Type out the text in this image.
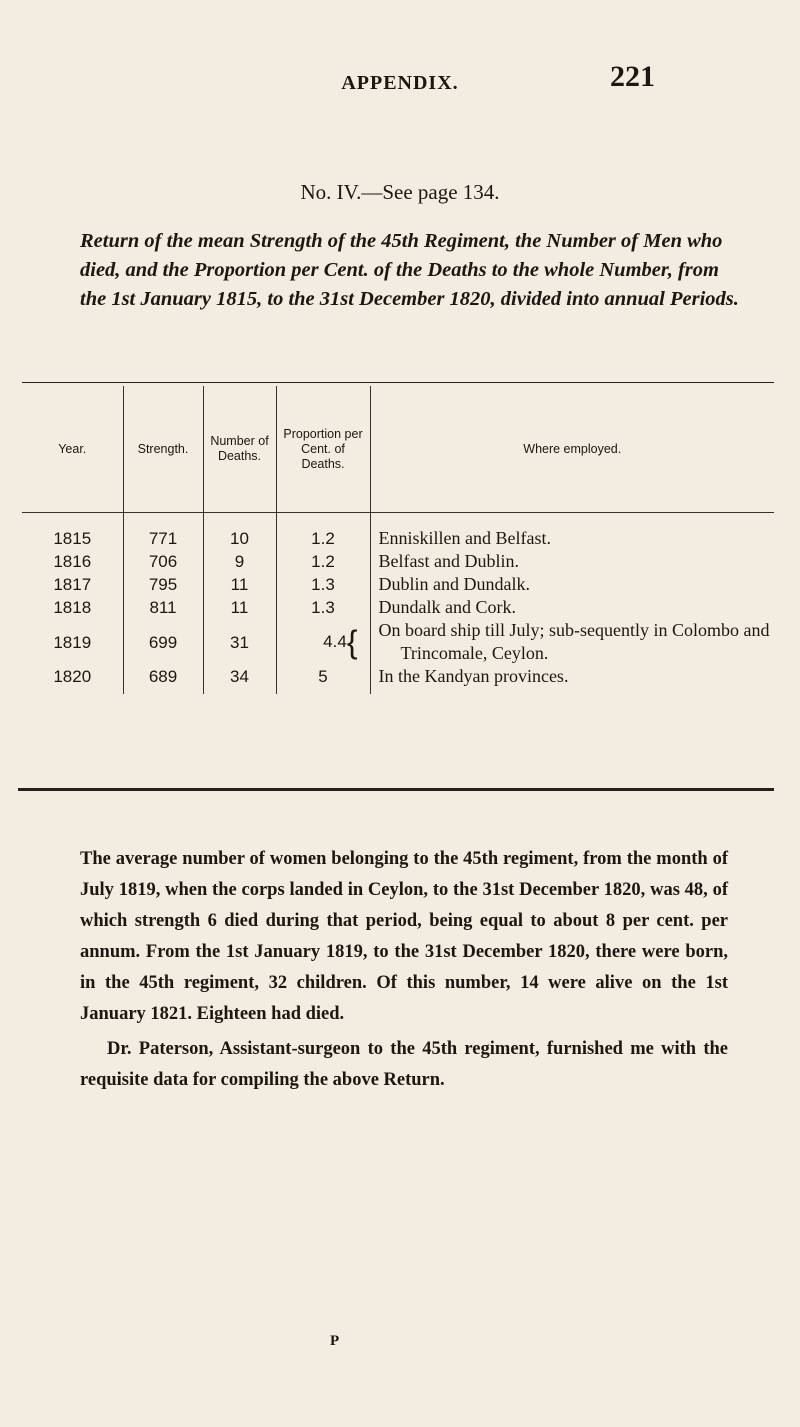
APPENDIX.	221
No. IV.—See page 134.
Return of the mean Strength of the 45th Regiment, the Number of Men who died, and the Proportion per Cent. of the Deaths to the whole Number, from the 1st January 1815, to the 31st December 1820, divided into annual Periods.
Year.	Strength.	Number of Deaths.	Proportion per Cent. of Deaths.	Where employed.
1815	771	10	1.2	Enniskillen and Belfast.
1816	706	9	1.2	Belfast and Dublin.
1817	795	11	1.3	Dublin and Dundalk.
1818	811	11	1.3	Dundalk and Cork.
1819	699	31	4.4{	On board ship till July; sub-sequently in Colombo and Trincomale, Ceylon.
1820	689	34	5	In the Kandyan provinces.
The average number of women belonging to the 45th regiment, from the month of July 1819, when the corps landed in Ceylon, to the 31st December 1820, was 48, of which strength 6 died during that period, being equal to about 8 per cent. per annum. From the 1st January 1819, to the 31st December 1820, there were born, in the 45th regiment, 32 children. Of this number, 14 were alive on the 1st January 1821. Eighteen had died.
Dr. Paterson, Assistant-surgeon to the 45th regiment, furnished me with the requisite data for compiling the above Return.
P
